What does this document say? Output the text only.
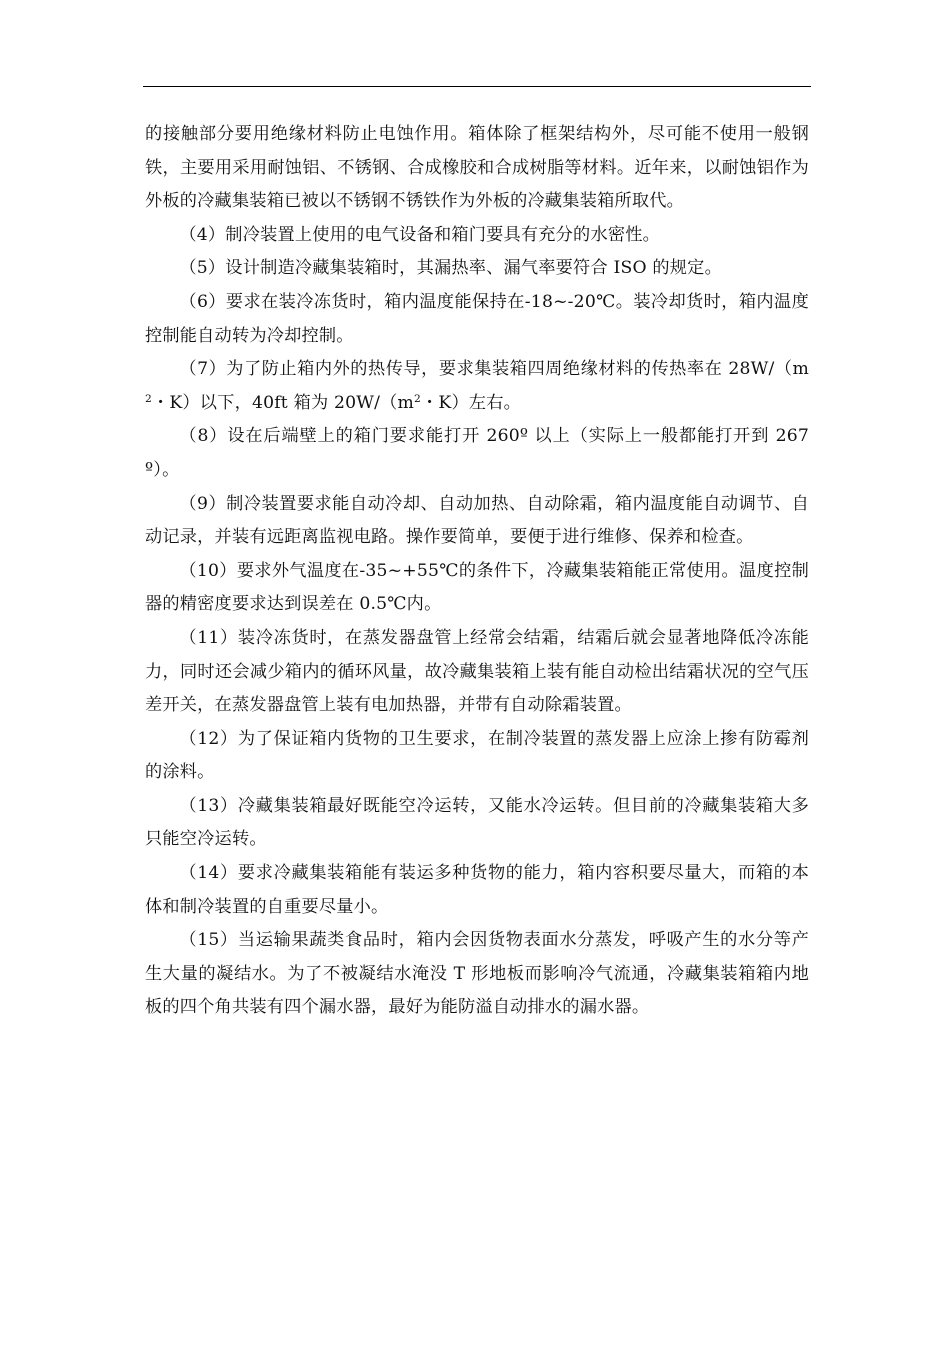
的接触部分要用绝缘材料防止电蚀作用。箱体除了框架结构外，尽可能不使用一般钢铁，主要用采用耐蚀铝、不锈钢、合成橡胶和合成树脂等材料。近年来，以耐蚀铝作为外板的冷藏集装箱已被以不锈钢不锈铁作为外板的冷藏集装箱所取代。

（4）制冷装置上使用的电气设备和箱门要具有充分的水密性。

（5）设计制造冷藏集装箱时，其漏热率、漏气率要符合 ISO 的规定。

（6）要求在装冷冻货时，箱内温度能保持在-18~-20℃。装冷却货时，箱内温度控制能自动转为冷却控制。

（7）为了防止箱内外的热传导，要求集装箱四周绝缘材料的传热率在 $28W/(m^2$・K）以下，40ft 箱为 $20W/(m^2$・K）左右。

（8）设在后端壁上的箱门要求能打开 260º 以上（实际上一般都能打开到 267º）。

（9）制冷装置要求能自动冷却、自动加热、自动除霜，箱内温度能自动调节、自动记录，并装有远距离监视电路。操作要简单，要便于进行维修、保养和检查。

（10）要求外气温度在-35~+55℃的条件下，冷藏集装箱能正常使用。温度控制器的精密度要求达到误差在 0.5℃内。

（11）装冷冻货时，在蒸发器盘管上经常会结霜，结霜后就会显著地降低冷冻能力，同时还会减少箱内的循环风量，故冷藏集装箱上装有能自动检出结霜状况的空气压差开关，在蒸发器盘管上装有电加热器，并带有自动除霜装置。

（12）为了保证箱内货物的卫生要求，在制冷装置的蒸发器上应涂上掺有防霉剂的涂料。

（13）冷藏集装箱最好既能空冷运转，又能水冷运转。但目前的冷藏集装箱大多只能空冷运转。

（14）要求冷藏集装箱能有装运多种货物的能力，箱内容积要尽量大，而箱的本体和制冷装置的自重要尽量小。

（15）当运输果蔬类食品时，箱内会因货物表面水分蒸发，呼吸产生的水分等产生大量的凝结水。为了不被凝结水淹没 T 形地板而影响冷气流通，冷藏集装箱箱内地板的四个角共装有四个漏水器，最好为能防溢自动排水的漏水器。
